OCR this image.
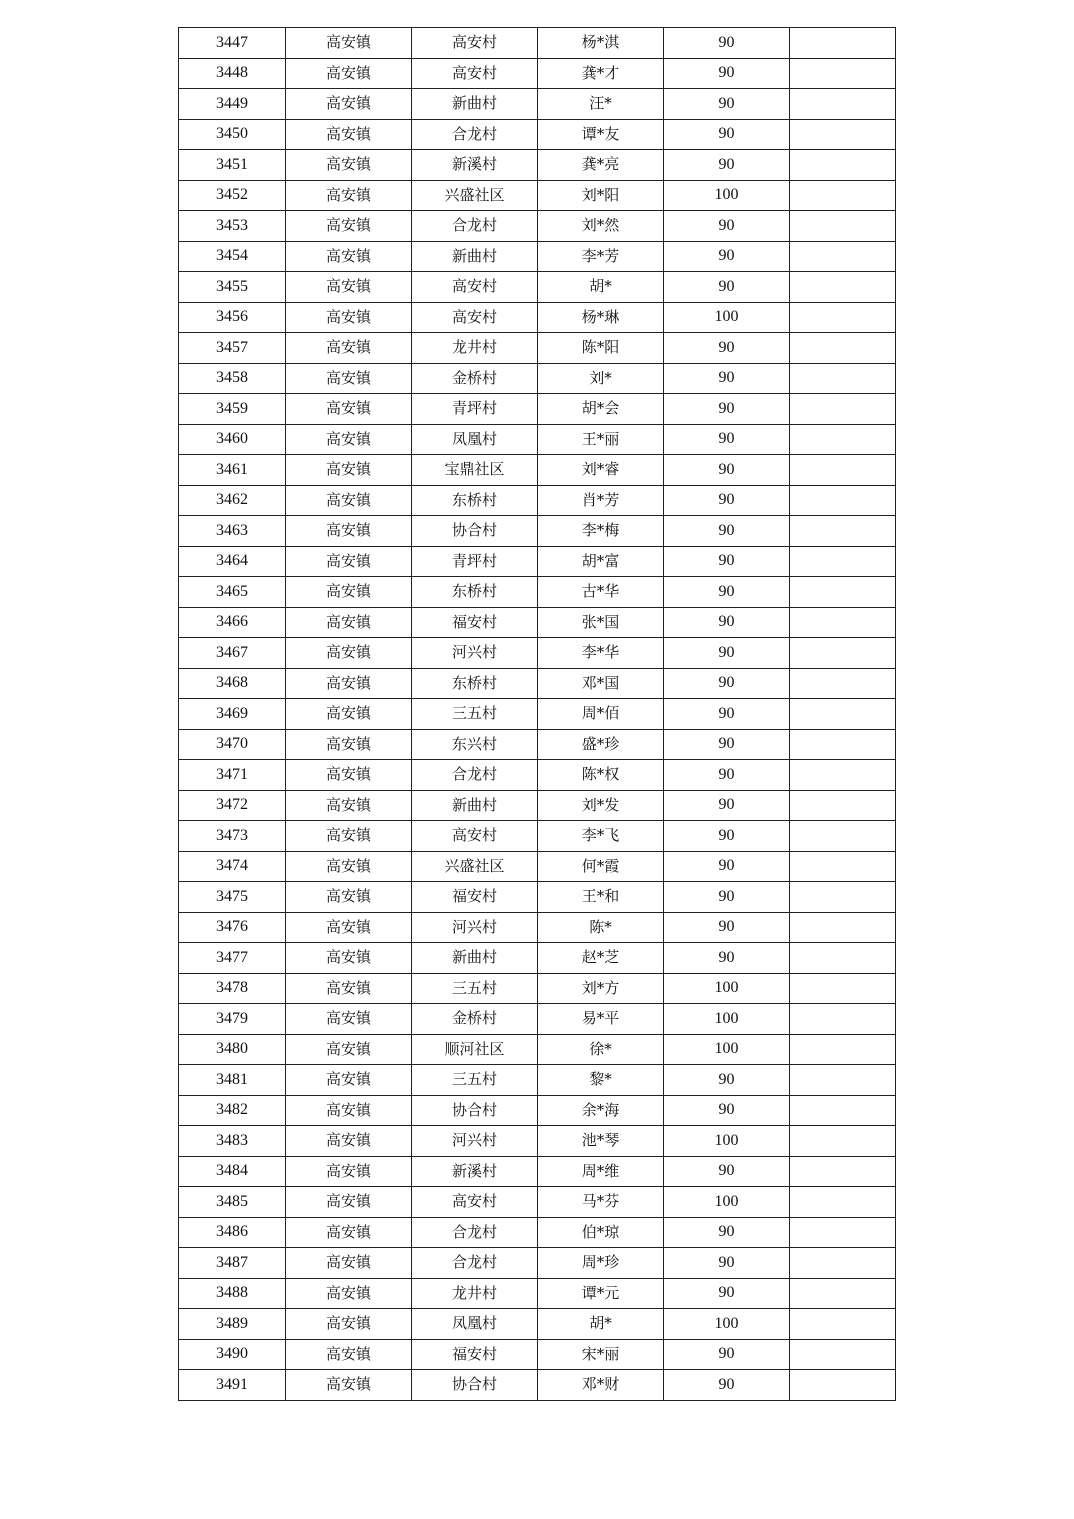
3447	高安镇	高安村	杨*淇	90	
3448	高安镇	高安村	龚*才	90	
3449	高安镇	新曲村	汪*	90	
3450	高安镇	合龙村	谭*友	90	
3451	高安镇	新溪村	龚*亮	90	
3452	高安镇	兴盛社区	刘*阳	100	
3453	高安镇	合龙村	刘*然	90	
3454	高安镇	新曲村	李*芳	90	
3455	高安镇	高安村	胡*	90	
3456	高安镇	高安村	杨*琳	100	
3457	高安镇	龙井村	陈*阳	90	
3458	高安镇	金桥村	刘*	90	
3459	高安镇	青坪村	胡*会	90	
3460	高安镇	凤凰村	王*丽	90	
3461	高安镇	宝鼎社区	刘*睿	90	
3462	高安镇	东桥村	肖*芳	90	
3463	高安镇	协合村	李*梅	90	
3464	高安镇	青坪村	胡*富	90	
3465	高安镇	东桥村	古*华	90	
3466	高安镇	福安村	张*国	90	
3467	高安镇	河兴村	李*华	90	
3468	高安镇	东桥村	邓*国	90	
3469	高安镇	三五村	周*佰	90	
3470	高安镇	东兴村	盛*珍	90	
3471	高安镇	合龙村	陈*权	90	
3472	高安镇	新曲村	刘*发	90	
3473	高安镇	高安村	李*飞	90	
3474	高安镇	兴盛社区	何*霞	90	
3475	高安镇	福安村	王*和	90	
3476	高安镇	河兴村	陈*	90	
3477	高安镇	新曲村	赵*芝	90	
3478	高安镇	三五村	刘*方	100	
3479	高安镇	金桥村	易*平	100	
3480	高安镇	顺河社区	徐*	100	
3481	高安镇	三五村	黎*	90	
3482	高安镇	协合村	余*海	90	
3483	高安镇	河兴村	池*琴	100	
3484	高安镇	新溪村	周*维	90	
3485	高安镇	高安村	马*芬	100	
3486	高安镇	合龙村	伯*琼	90	
3487	高安镇	合龙村	周*珍	90	
3488	高安镇	龙井村	谭*元	90	
3489	高安镇	凤凰村	胡*	100	
3490	高安镇	福安村	宋*丽	90	
3491	高安镇	协合村	邓*财	90	
